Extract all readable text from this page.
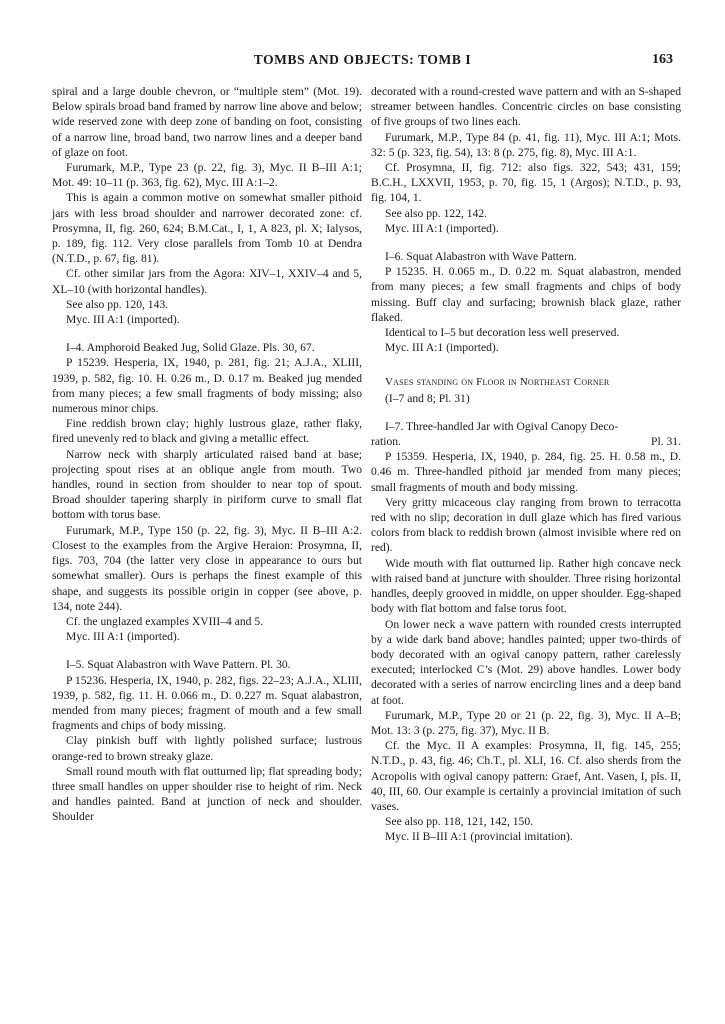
TOMBS AND OBJECTS: TOMB I	163

spiral and a large double chevron, or “multiple stem” (Mot. 19). Below spirals broad band framed by narrow line above and below; wide reserved zone with deep zone of banding on foot, consisting of a narrow line, broad band, two narrow lines and a deeper band of glaze on foot.

Furumark, M.P., Type 23 (p. 22, fig. 3), Myc. II B–III A:1; Mot. 49: 10–11 (p. 363, fig. 62), Myc. III A:1–2.

This is again a common motive on somewhat smaller pithoid jars with less broad shoulder and narrower decorated zone: cf. Prosymna, II, fig. 260, 624; B.M.Cat., I, 1, A 823, pl. X; Ialysos, p. 189, fig. 112. Very close parallels from Tomb 10 at Dendra (N.T.D., p. 67, fig. 81).

Cf. other similar jars from the Agora: XIV–1, XXIV–4 and 5, XL–10 (with horizontal handles).

See also pp. 120, 143.

Myc. III A:1 (imported).

I–4. Amphoroid Beaked Jug, Solid Glaze. Pls. 30, 67.

P 15239. Hesperia, IX, 1940, p. 281, fig. 21; A.J.A., XLIII, 1939, p. 582, fig. 10. H. 0.26 m., D. 0.17 m. Beaked jug mended from many pieces; a few small fragments of body missing; also numerous minor chips.

Fine reddish brown clay; highly lustrous glaze, rather flaky, fired unevenly red to black and giving a metallic effect.

Narrow neck with sharply articulated raised band at base; projecting spout rises at an oblique angle from mouth. Two handles, round in section from shoulder to near top of spout. Broad shoulder tapering sharply in piriform curve to small flat bottom with torus base.

Furumark, M.P., Type 150 (p. 22, fig. 3), Myc. II B–III A:2. Closest to the examples from the Argive Heraion: Prosymna, II, figs. 703, 704 (the latter very close in appearance to ours but somewhat smaller). Ours is perhaps the finest example of this shape, and suggests its possible origin in copper (see above, p. 134, note 244).

Cf. the unglazed examples XVIII–4 and 5.

Myc. III A:1 (imported).

I–5. Squat Alabastron with Wave Pattern. Pl. 30.

P 15236. Hesperia, IX, 1940, p. 282, figs. 22–23; A.J.A., XLIII, 1939, p. 582, fig. 11. H. 0.066 m., D. 0.227 m. Squat alabastron, mended from many pieces; fragment of mouth and a few small fragments and chips of body missing.

Clay pinkish buff with lightly polished surface; lustrous orange-red to brown streaky glaze.

Small round mouth with flat outturned lip; flat spreading body; three small handles on upper shoulder rise to height of rim. Neck and handles painted. Band at junction of neck and shoulder. Shoulder

decorated with a round-crested wave pattern and with an S-shaped streamer between handles. Concentric circles on base consisting of five groups of two lines each.

Furumark, M.P., Type 84 (p. 41, fig. 11), Myc. III A:1; Mots. 32: 5 (p. 323, fig. 54), 13: 8 (p. 275, fig. 8), Myc. III A:1.

Cf. Prosymna, II, fig. 712: also figs. 322, 543; 431, 159; B.C.H., LXXVII, 1953, p. 70, fig. 15, 1 (Argos); N.T.D., p. 93, fig. 104, 1.

See also pp. 122, 142.

Myc. III A:1 (imported).

I–6. Squat Alabastron with Wave Pattern.

P 15235. H. 0.065 m., D. 0.22 m. Squat alabastron, mended from many pieces; a few small fragments and chips of body missing. Buff clay and surfacing; brownish black glaze, rather flaked.

Identical to I–5 but decoration less well preserved.

Myc. III A:1 (imported).

Vases standing on Floor in Northeast Corner

(I–7 and 8; Pl. 31)

I–7. Three-handled Jar with Ogival Canopy Deco-

ration.	Pl. 31.

P 15359. Hesperia, IX, 1940, p. 284, fig. 25. H. 0.58 m., D. 0.46 m. Three-handled pithoid jar mended from many pieces; small fragments of mouth and body missing.

Very gritty micaceous clay ranging from brown to terracotta red with no slip; decoration in dull glaze which has fired various colors from black to reddish brown (almost invisible where red on red).

Wide mouth with flat outturned lip. Rather high concave neck with raised band at juncture with shoulder. Three rising horizontal handles, deeply grooved in middle, on upper shoulder. Egg-shaped body with flat bottom and false torus foot.

On lower neck a wave pattern with rounded crests interrupted by a wide dark band above; handles painted; upper two-thirds of body decorated with an ogival canopy pattern, rather carelessly executed; interlocked C’s (Mot. 29) above handles. Lower body decorated with a series of narrow encircling lines and a deep band at foot.

Furumark, M.P., Type 20 or 21 (p. 22, fig. 3), Myc. II A–B; Mot. 13: 3 (p. 275, fig. 37), Myc. II B.

Cf. the Myc. II A examples: Prosymna, II, fig. 145, 255; N.T.D., p. 43, fig. 46; Ch.T., pl. XLI, 16. Cf. also sherds from the Acropolis with ogival canopy pattern: Graef, Ant. Vasen, I, pls. II, 40, III, 60. Our example is certainly a provincial imitation of such vases.

See also pp. 118, 121, 142, 150.

Myc. II B–III A:1 (provincial imitation).
